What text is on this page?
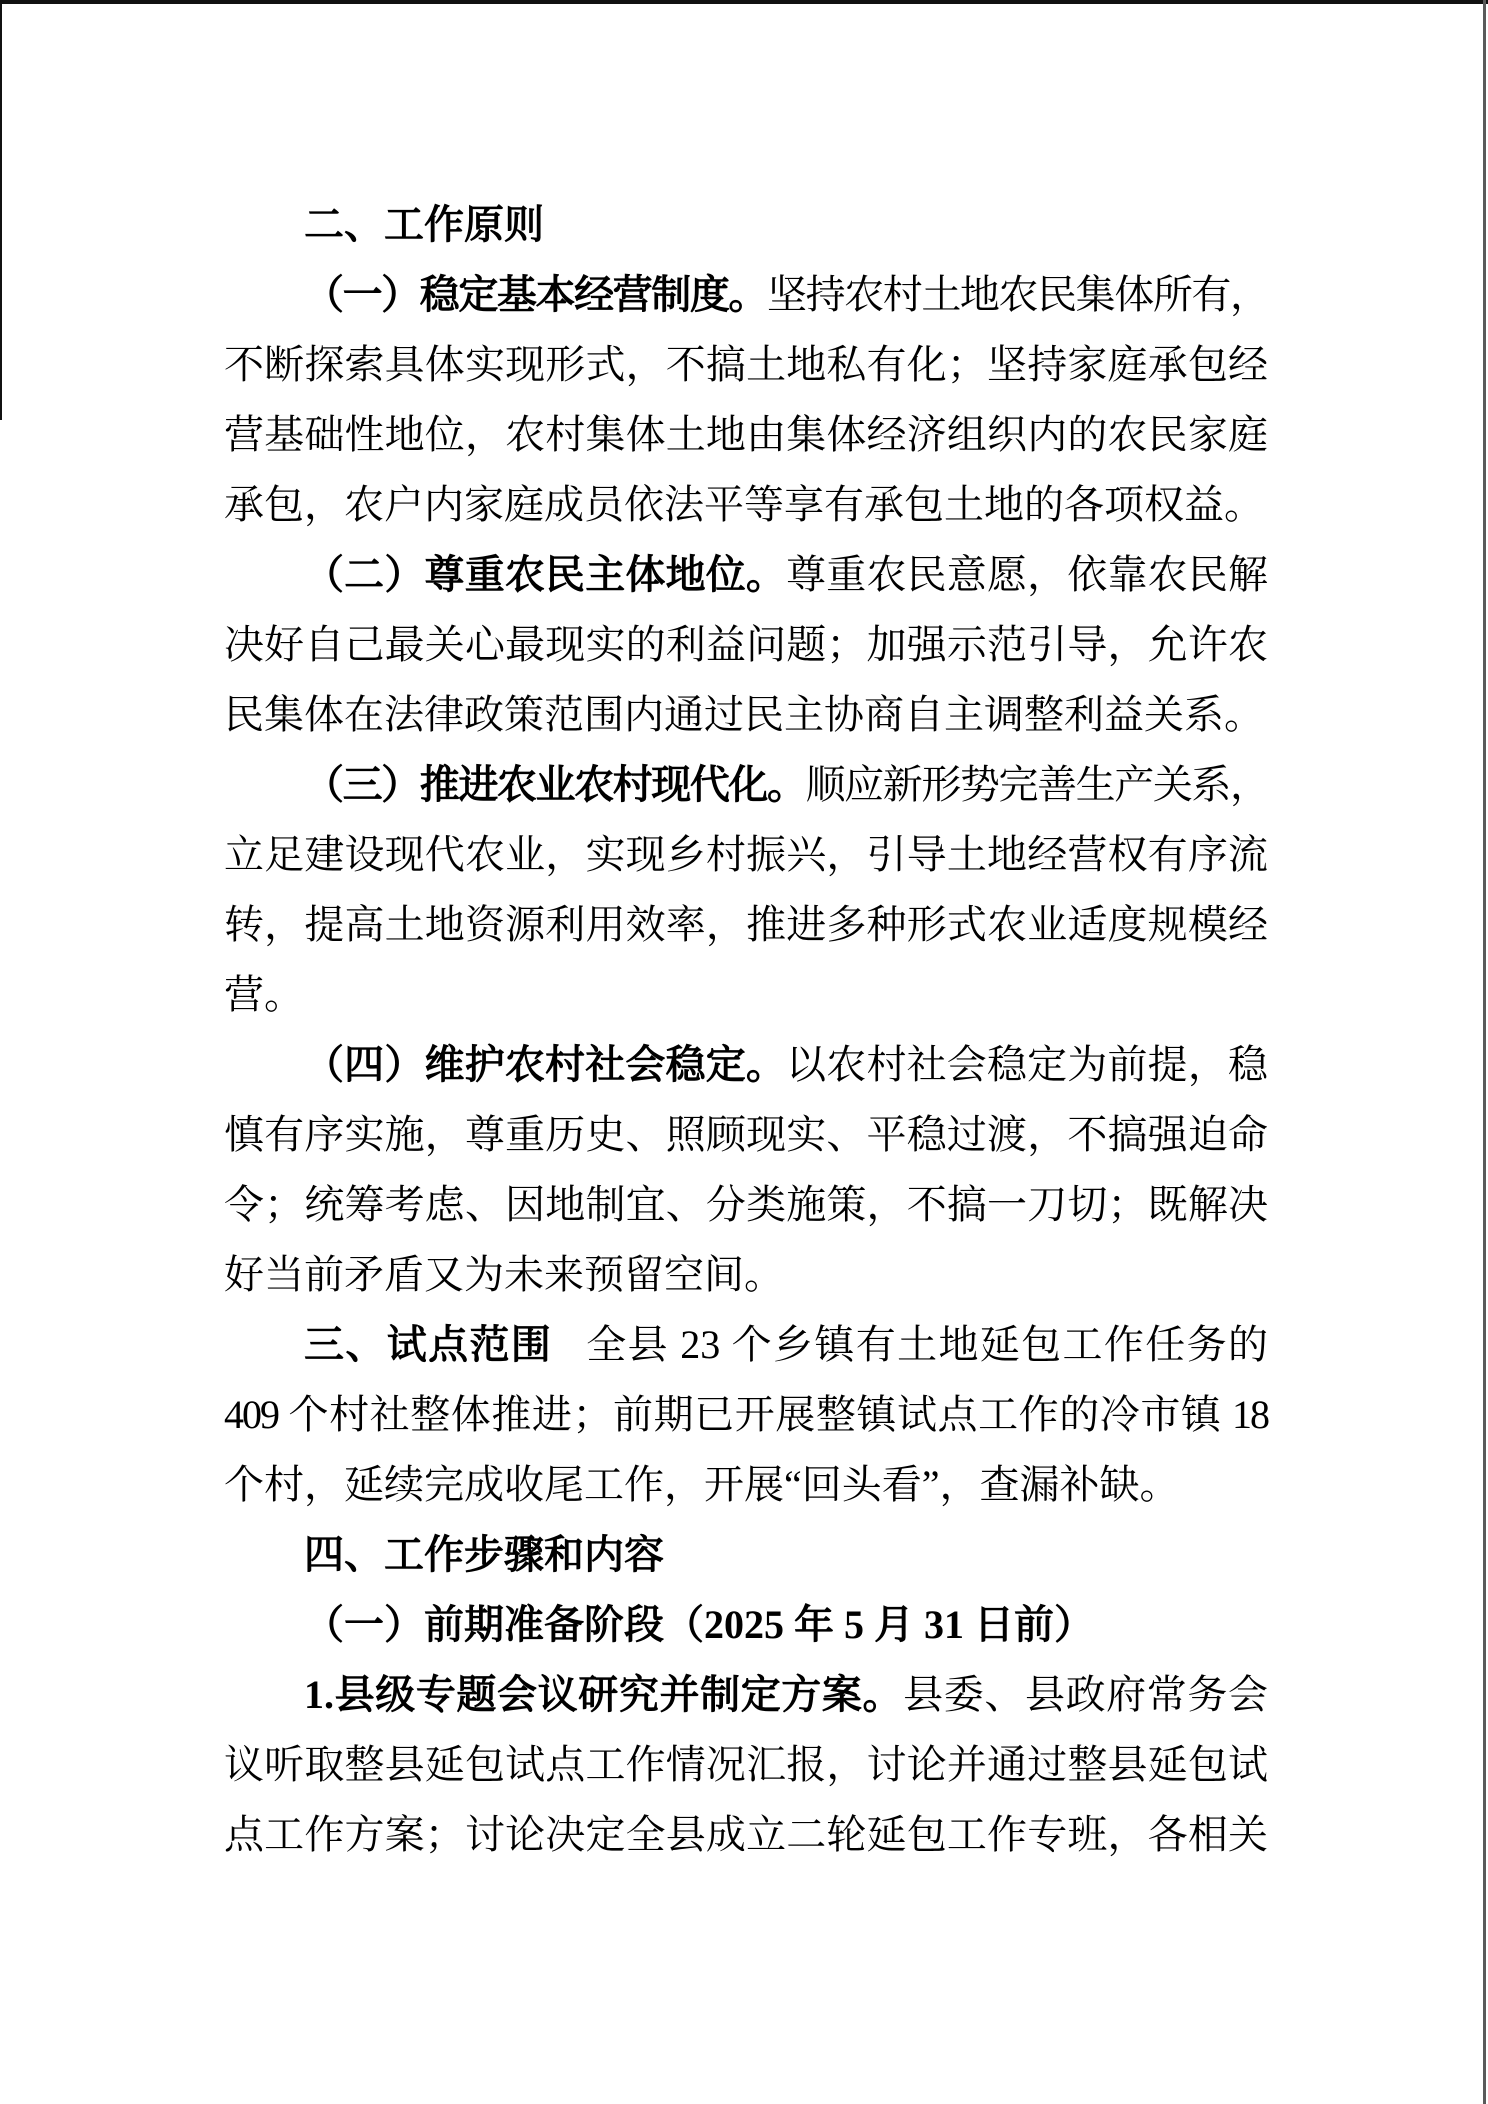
二、工作原则
（一）稳定基本经营制度。坚持农村土地农民集体所有，
不断探索具体实现形式，不搞土地私有化；坚持家庭承包经
营基础性地位，农村集体土地由集体经济组织内的农民家庭
承包，农户内家庭成员依法平等享有承包土地的各项权益。
（二）尊重农民主体地位。尊重农民意愿，依靠农民解
决好自己最关心最现实的利益问题；加强示范引导，允许农
民集体在法律政策范围内通过民主协商自主调整利益关系。
（三）推进农业农村现代化。顺应新形势完善生产关系，
立足建设现代农业，实现乡村振兴，引导土地经营权有序流
转，提高土地资源利用效率，推进多种形式农业适度规模经
营。
（四）维护农村社会稳定。以农村社会稳定为前提，稳
慎有序实施，尊重历史、照顾现实、平稳过渡，不搞强迫命
令；统筹考虑、因地制宜、分类施策，不搞一刀切；既解决
好当前矛盾又为未来预留空间。
三、试点范围 全县 23 个乡镇有土地延包工作任务的
409 个村社整体推进；前期已开展整镇试点工作的冷市镇 18
个村，延续完成收尾工作，开展“回头看”，查漏补缺。
四、工作步骤和内容
（一）前期准备阶段（2025 年 5 月 31 日前）
1.县级专题会议研究并制定方案。县委、县政府常务会
议听取整县延包试点工作情况汇报，讨论并通过整县延包试
点工作方案；讨论决定全县成立二轮延包工作专班，各相关
